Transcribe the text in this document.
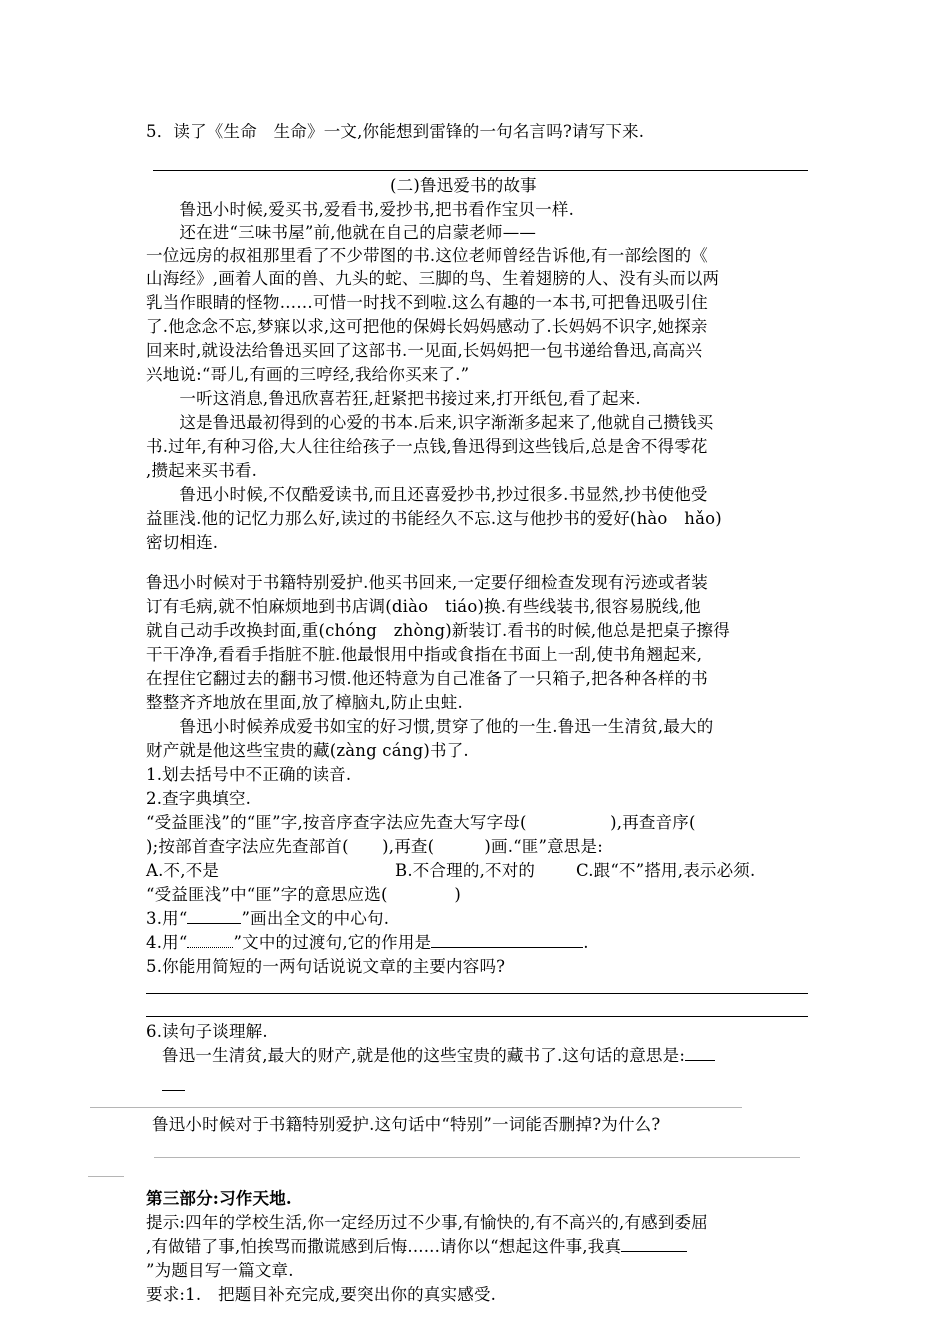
5．读了《生命　生命》一文,你能想到雷锋的一句名言吗?请写下来.
(二)鲁迅爱书的故事
　　鲁迅小时候,爱买书,爱看书,爱抄书,把书看作宝贝一样.
　　还在进“三味书屋”前,他就在自己的启蒙老师——
一位远房的叔祖那里看了不少带图的书.这位老师曾经告诉他,有一部绘图的《
山海经》,画着人面的兽、九头的蛇、三脚的鸟、生着翅膀的人、没有头而以两
乳当作眼睛的怪物……可惜一时找不到啦.这么有趣的一本书,可把鲁迅吸引住
了.他念念不忘,梦寐以求,这可把他的保姆长妈妈感动了.长妈妈不识字,她探亲
回来时,就设法给鲁迅买回了这部书.一见面,长妈妈把一包书递给鲁迅,高高兴
兴地说:“哥儿,有画的三哼经,我给你买来了.”
　　一听这消息,鲁迅欣喜若狂,赶紧把书接过来,打开纸包,看了起来.
　　这是鲁迅最初得到的心爱的书本.后来,识字渐渐多起来了,他就自己攒钱买
书.过年,有种习俗,大人往往给孩子一点钱,鲁迅得到这些钱后,总是舍不得零花
,攒起来买书看.
　　鲁迅小时候,不仅酷爱读书,而且还喜爱抄书,抄过很多.书显然,抄书使他受
益匪浅.他的记忆力那么好,读过的书能经久不忘.这与他抄书的爱好(hào　hǎo)
密切相连.
鲁迅小时候对于书籍特别爱护.他买书回来,一定要仔细检查发现有污迹或者装
订有毛病,就不怕麻烦地到书店调(diào　tiáo)换.有些线装书,很容易脱线,他
就自己动手改换封面,重(chóng　zhòng)新装订.看书的时候,他总是把桌子擦得
干干净净,看看手指脏不脏.他最恨用中指或食指在书面上一刮,使书角翘起来,
在捏住它翻过去的翻书习惯.他还特意为自己准备了一只箱子,把各种各样的书
整整齐齐地放在里面,放了樟脑丸,防止虫蛀.
　　鲁迅小时候养成爱书如宝的好习惯,贯穿了他的一生.鲁迅一生清贫,最大的
财产就是他这些宝贵的藏(zàng cáng)书了.
1.划去括号中不正确的读音.
2.查字典填空.
“受益匪浅”的“匪”字,按音序查字法应先查大写字母(　　　　　),再查音序(
);按部首查字法应先查部首(　　),再查(　　　)画.“匪”意思是:
A.不,不是	B.不合理的,不对的 C.跟“不”搭用,表示必须.
“受益匪浅”中“匪”字的意思应选(　　　　)
3.用“	”画出全文的中心句.
4.用“	”文中的过渡句,它的作用是	.
5.你能用简短的一两句话说说文章的主要内容吗?
6.读句子谈理解.
鲁迅一生清贫,最大的财产,就是他的这些宝贵的藏书了.这句话的意思是:
鲁迅小时候对于书籍特别爱护.这句话中“特别”一词能否删掉?为什么?
第三部分:习作天地.
提示:四年的学校生活,你一定经历过不少事,有愉快的,有不高兴的,有感到委屈
,有做错了事,怕挨骂而撒谎感到后悔......请你以“想起这件事,我真
”为题目写一篇文章.
要求:1.　把题目补充完成,要突出你的真实感受.
